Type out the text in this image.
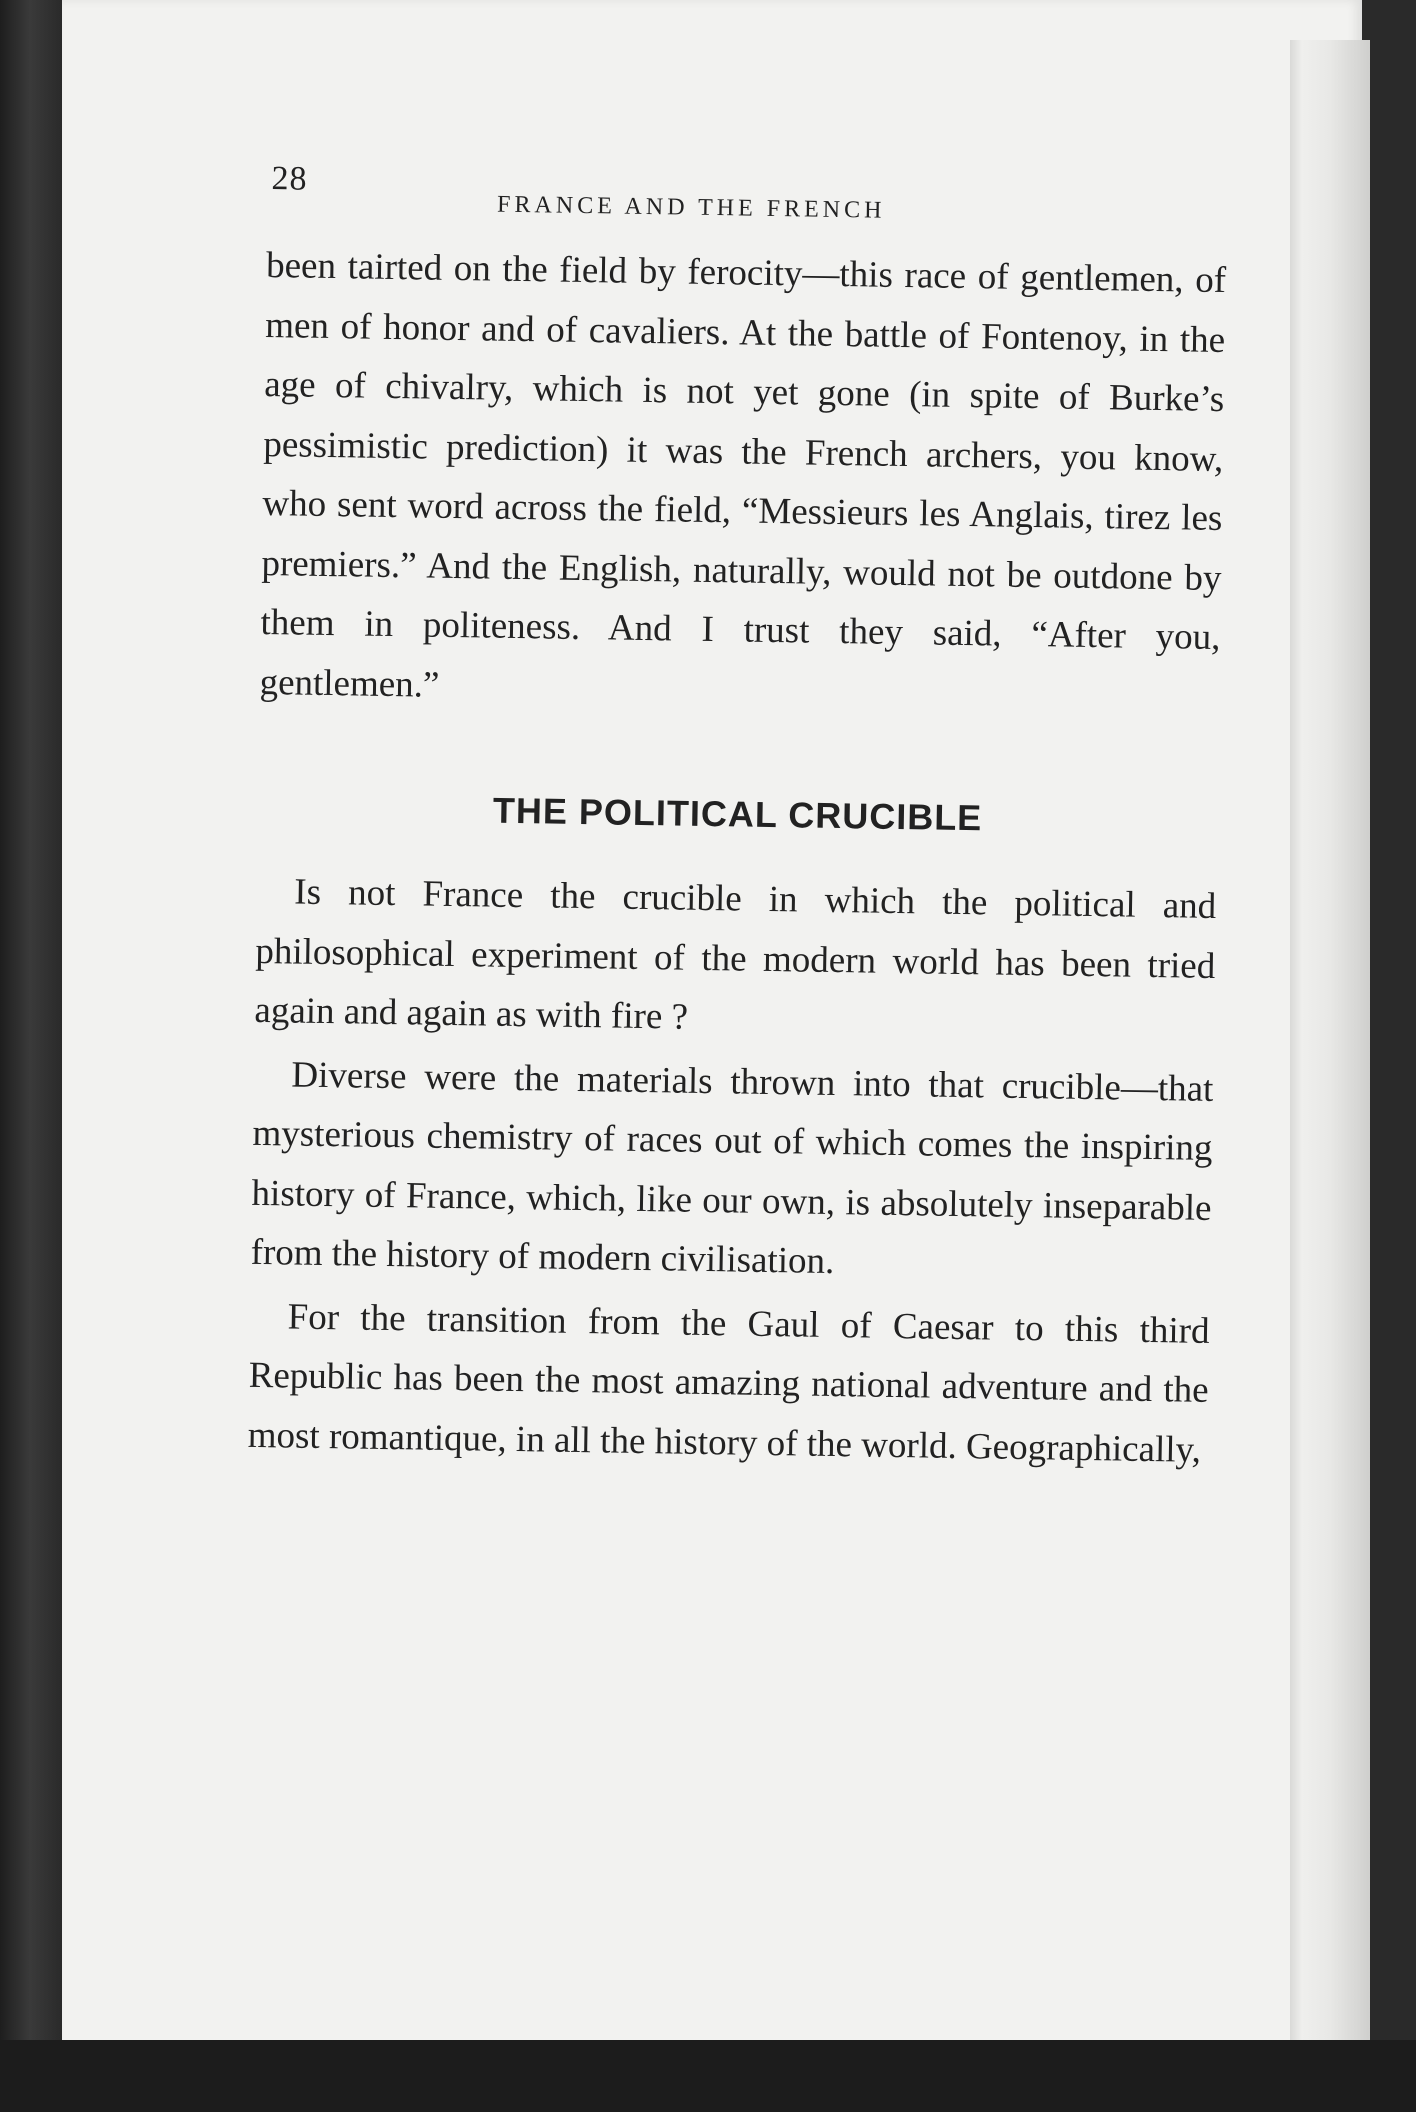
28
FRANCE AND THE FRENCH

been tairted on the field by ferocity—this race of gentlemen, of men of honor and of cavaliers. At the battle of Fontenoy, in the age of chivalry, which is not yet gone (in spite of Burke’s pessimistic prediction) it was the French archers, you know, who sent word across the field, “Messieurs les Anglais, tirez les premiers.” And the English, naturally, would not be outdone by them in politeness. And I trust they said, “After you, gentlemen.”

THE POLITICAL CRUCIBLE

Is not France the crucible in which the political and philosophical experiment of the modern world has been tried again and again as with fire ?

Diverse were the materials thrown into that crucible—that mysterious chemistry of races out of which comes the inspiring history of France, which, like our own, is absolutely inseparable from the history of modern civilisation.

For the transition from the Gaul of Caesar to this third Republic has been the most amazing national adventure and the most romantique, in all the history of the world. Geographically,
